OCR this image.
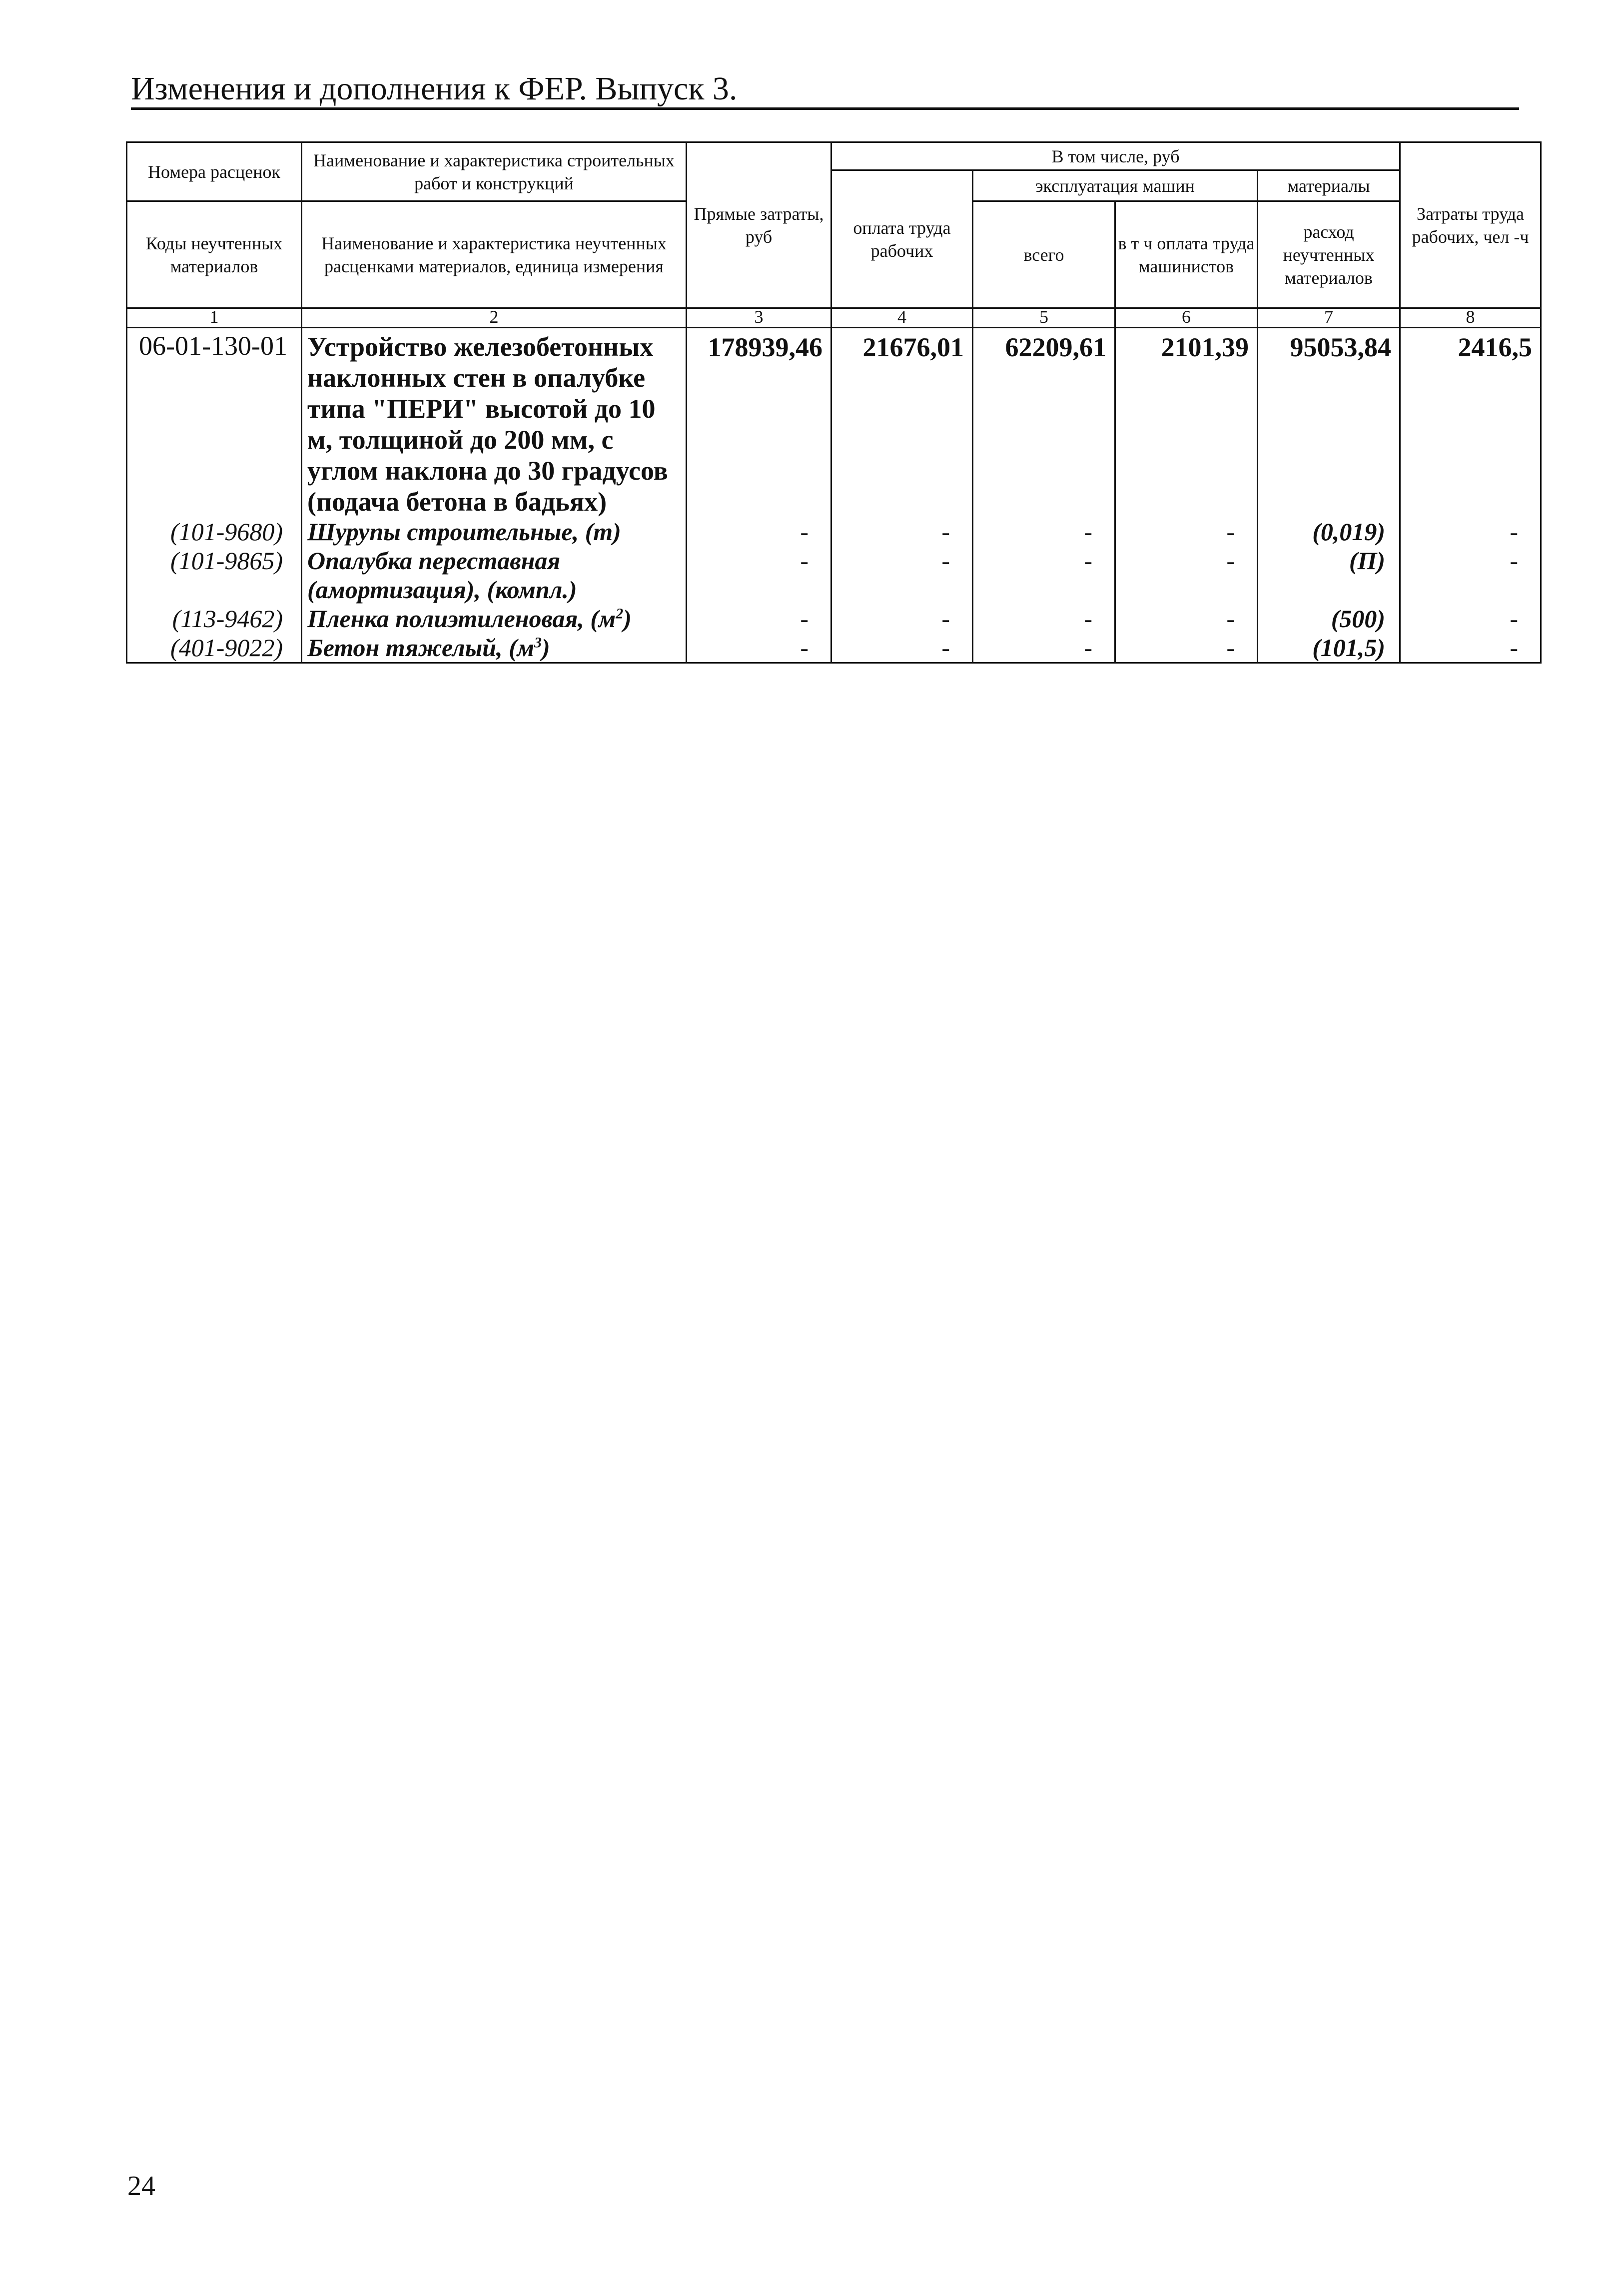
Изменения и дополнения к ФЕР. Выпуск 3.
Номера расценок	Наименование и характеристика строительных работ и конструкций	Прямые затраты, руб	В том числе, руб				Затраты труда рабочих, чел -ч
			оплата труда рабочих	эксплуатация машин		материалы	
Коды неучтенных материалов	Наименование и характеристика неучтенных расценками материалов, единица измерения			всего	в т ч оплата труда машинистов	расход неучтенных материалов	

1	2	3	4	5	6	7	8
06-01-130-01	Устройство железобетонных наклонных стен в опалубке типа "ПЕРИ" высотой до 10 м, толщиной до 200 мм, с углом наклона до 30 градусов (подача бетона в бадьях)	178939,46	21676,01	62209,61	2101,39	95053,84	2416,5
(101-9680)	Шурупы строительные, (т)	-	-	-	-	(0,019)	-
(101-9865)	Опалубка переставная (амортизация), (компл.)	-	-	-	-	(П)	-
(113-9462)	Пленка полиэтиленовая, $(м^2)$	-	-	-	-	(500)	-
(401-9022)	Бетон тяжелый, $(м^3)$	-	-	-	-	(101,5)	-
24
